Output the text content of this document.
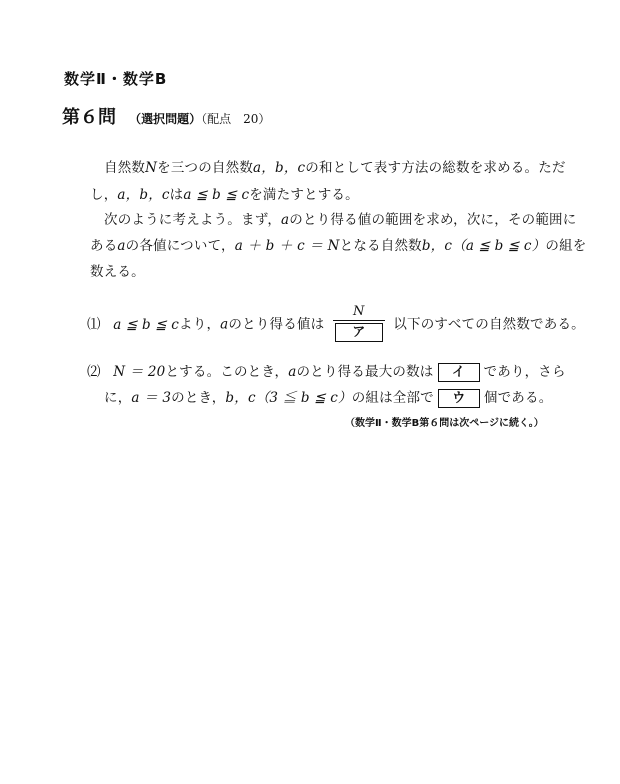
数学Ⅱ・数学B
第６問 （選択問題）（配点　20）
自然数Nを三つの自然数a，b，cの和として表す方法の総数を求める。ただ
し，a，b，cはa ≦ b ≦ cを満たすとする。
次のように考えよう。まず，aのとり得る値の範囲を求め，次に，その範囲に
あるaの各値について，a ＋ b ＋ c ＝ Nとなる自然数b，c（a ≦ b ≦ c）の組を
数える。
⑴ a ≦ b ≦ cより，aのとり得る値は $\frac{N}{\text{ア}}$ 以下のすべての自然数である。
⑵ N ＝ 20とする。このとき，aのとり得る最大の数は イ であり，さら
に，a ＝ 3のとき，b，c（3 ≦ b ≦ c）の組は全部で ウ 個である。
（数学Ⅱ・数学B第６問は次ページに続く。）
